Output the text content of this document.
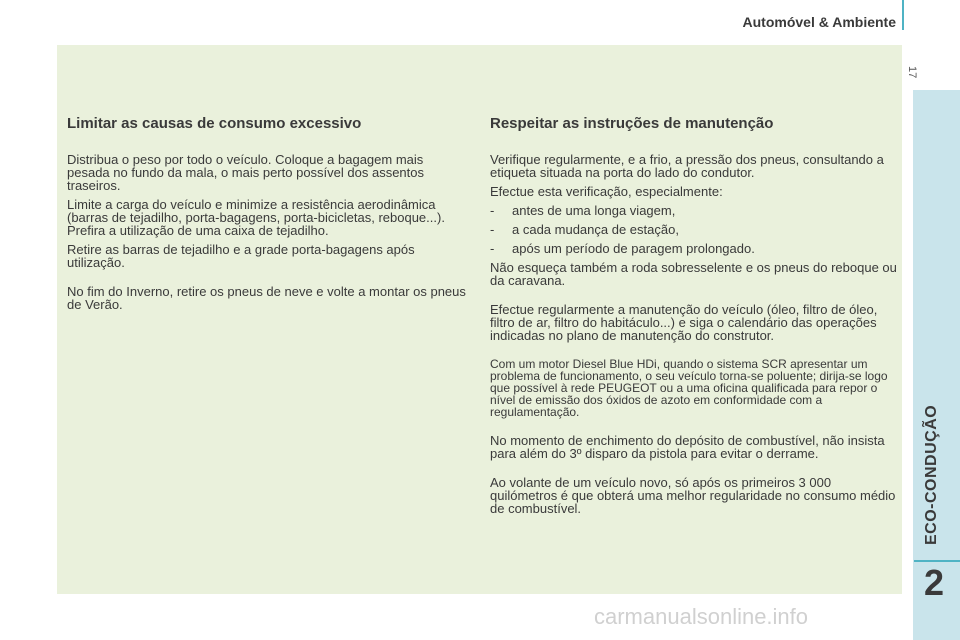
Automóvel & Ambiente
17
ECO-CONDUÇÃO
2
Limitar as causas de consumo excessivo

Distribua o peso por todo o veículo. Coloque a bagagem mais pesada no fundo da mala, o mais perto possível dos assentos traseiros.

Limite a carga do veículo e minimize a resistência aerodinâmica (barras de tejadilho, porta-bagagens, porta-bicicletas, reboque...). Prefira a utilização de uma caixa de tejadilho.

Retire as barras de tejadilho e a grade porta-bagagens após utilização.

No fim do Inverno, retire os pneus de neve e volte a montar os pneus de Verão.

Respeitar as instruções de manutenção

Verifique regularmente, e a frio, a pressão dos pneus, consultando a etiqueta situada na porta do lado do condutor.

Efectue esta verificação, especialmente:

- antes de uma longa viagem,
- a cada mudança de estação,
- após um período de paragem prolongado.

Não esqueça também a roda sobresselente e os pneus do reboque ou da caravana.

Efectue regularmente a manutenção do veículo (óleo, filtro de óleo, filtro de ar, filtro do habitáculo...) e siga o calendário das operações indicadas no plano de manutenção do construtor.

Com um motor Diesel Blue HDi, quando o sistema SCR apresentar um problema de funcionamento, o seu veículo torna-se poluente; dirija-se logo que possível à rede PEUGEOT ou a uma oficina qualificada para repor o nível de emissão dos óxidos de azoto em conformidade com a regulamentação.

No momento de enchimento do depósito de combustível, não insista para além do 3º disparo da pistola para evitar o derrame.

Ao volante de um veículo novo, só após os primeiros 3 000 quilómetros é que obterá uma melhor regularidade no consumo médio de combustível.

carmanualsonline.info
